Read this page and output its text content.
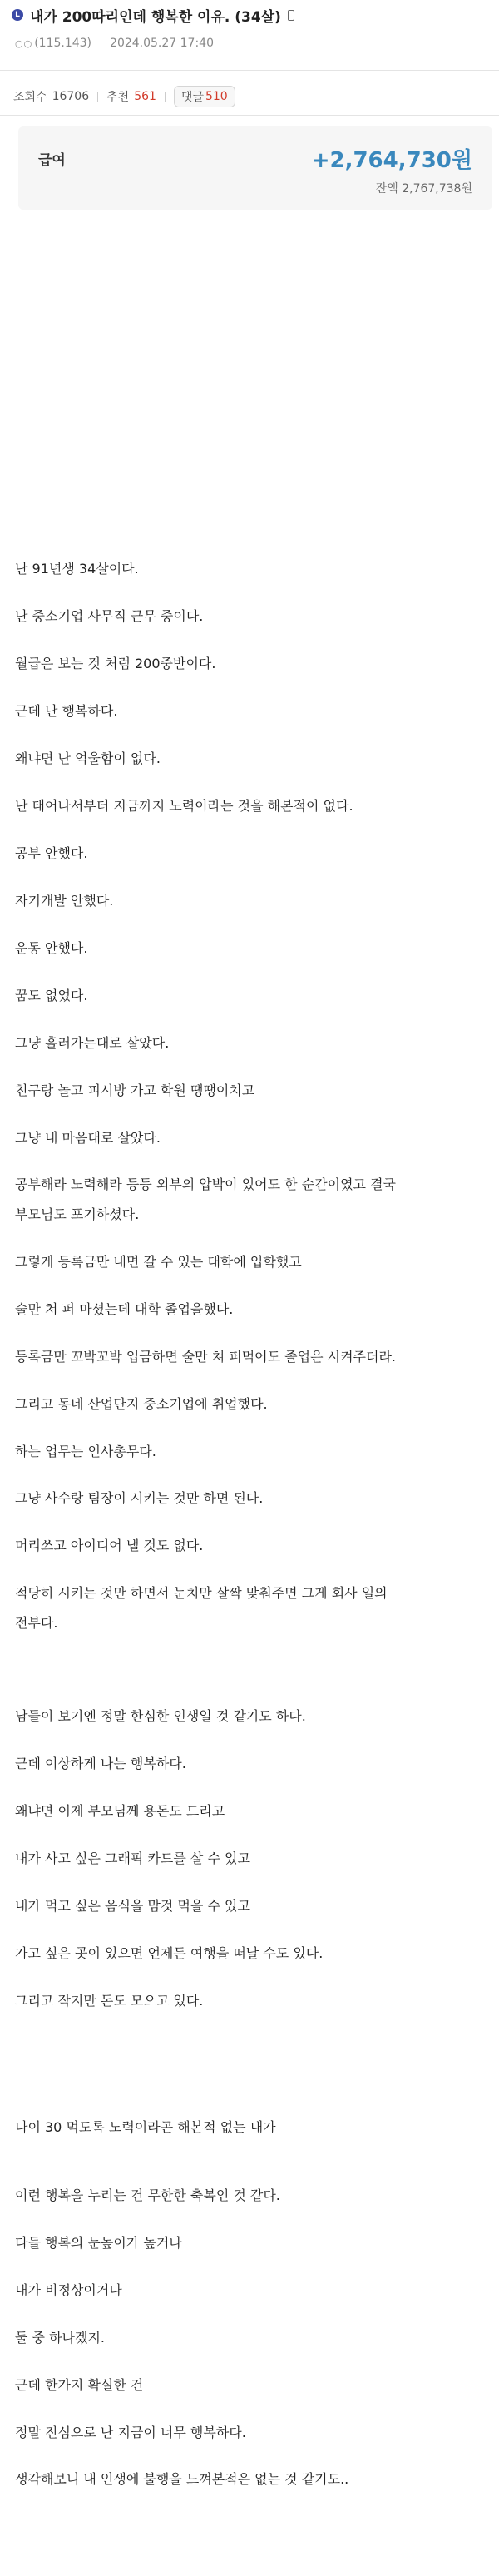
L 내가 200따리인데 행복한 이유. (34살)
○○ (115.143) 2024.05.27 17:40
조회수 16706 추천 561 댓글 510
급여	+2,764,730원
잔액 2,767,738원
난 91년생 34살이다.
난 중소기업 사무직 근무 중이다.
월급은 보는 것 처럼 200중반이다.
근데 난 행복하다.
왜냐면 난 억울함이 없다.
난 태어나서부터 지금까지 노력이라는 것을 해본적이 없다.
공부 안했다.
자기개발 안했다.
운동 안했다.
꿈도 없었다.
그냥 흘러가는대로 살았다.
친구랑 놀고 피시방 가고 학원 땡땡이치고
그냥 내 마음대로 살았다.
공부해라 노력해라 등등 외부의 압박이 있어도 한 순간이였고 결국
부모님도 포기하셨다.
그렇게 등록금만 내면 갈 수 있는 대학에 입학했고
술만 쳐 퍼 마셨는데 대학 졸업을했다.
등록금만 꼬박꼬박 입금하면 술만 쳐 퍼먹어도 졸업은 시켜주더라.
그리고 동네 산업단지 중소기업에 취업했다.
하는 업무는 인사총무다.
그냥 사수랑 팀장이 시키는 것만 하면 된다.
머리쓰고 아이디어 낼 것도 없다.
적당히 시키는 것만 하면서 눈치만 살짝 맞춰주면 그게 회사 일의
전부다.
남들이 보기엔 정말 한심한 인생일 것 같기도 하다.
근데 이상하게 나는 행복하다.
왜냐면 이제 부모님께 용돈도 드리고
내가 사고 싶은 그래픽 카드를 살 수 있고
내가 먹고 싶은 음식을 맘것 먹을 수 있고
가고 싶은 곳이 있으면 언제든 여행을 떠날 수도 있다.
그리고 작지만 돈도 모으고 있다.
나이 30 먹도록 노력이라곤 해본적 없는 내가
이런 행복을 누리는 건 무한한 축복인 것 같다.
다들 행복의 눈높이가 높거나
내가 비정상이거나
둘 중 하나겠지.
근데 한가지 확실한 건
정말 진심으로 난 지금이 너무 행복하다.
생각해보니 내 인생에 불행을 느껴본적은 없는 것 같기도..
